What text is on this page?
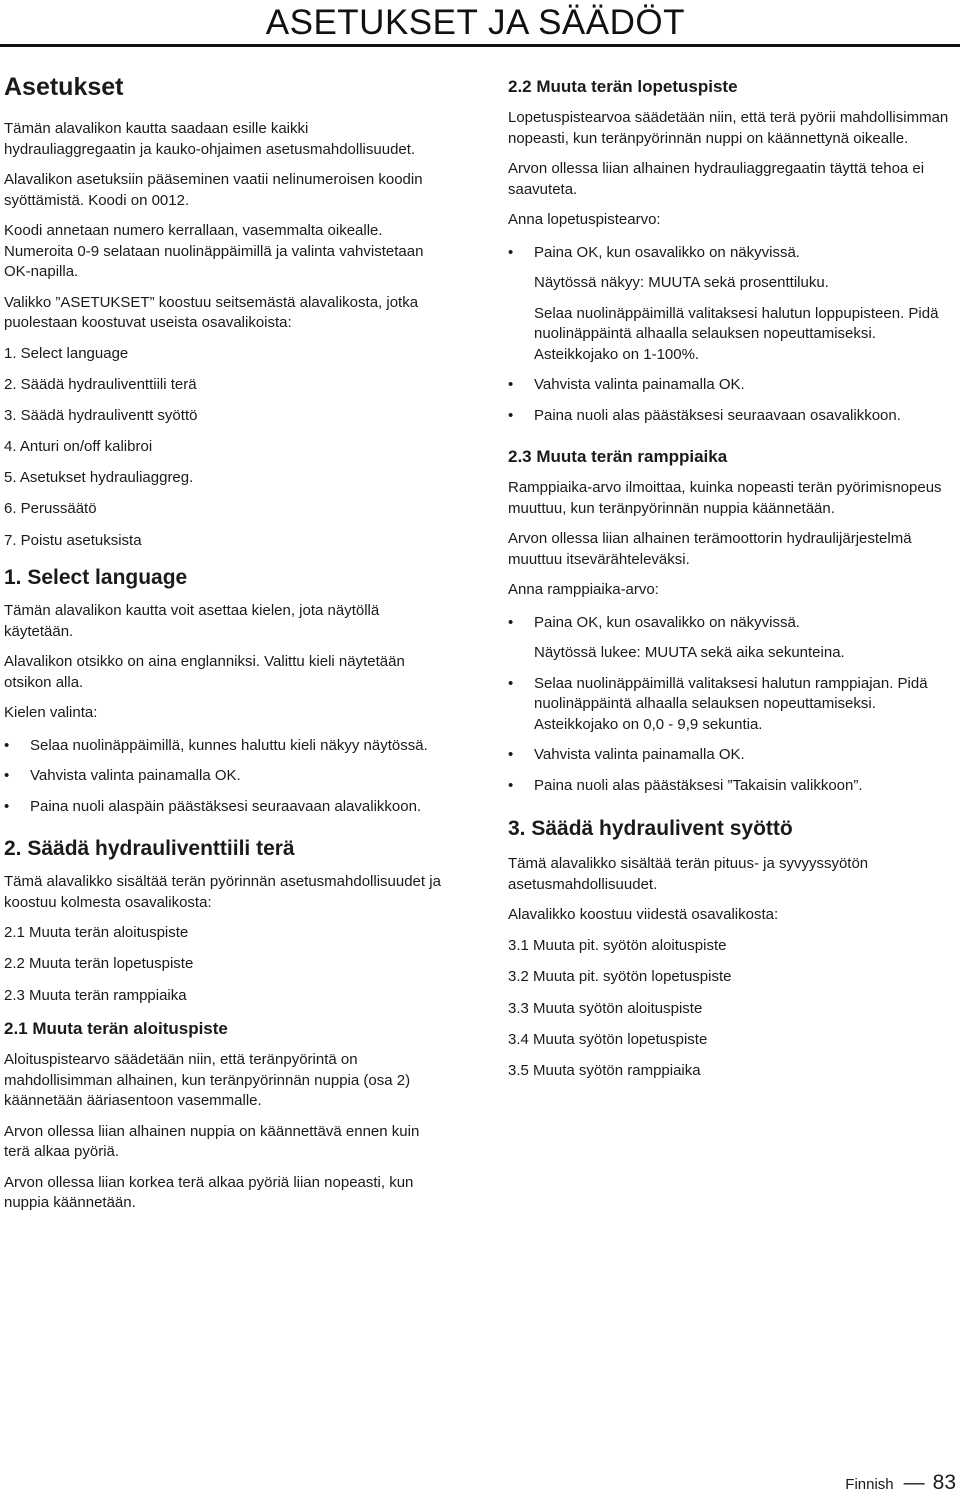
ASETUKSET JA SÄÄDÖT
Asetukset

Tämän alavalikon kautta saadaan esille kaikki hydrauliaggregaatin ja kauko-ohjaimen asetusmahdollisuudet.

Alavalikon asetuksiin pääseminen vaatii nelinumeroisen koodin syöttämistä. Koodi on 0012.

Koodi annetaan numero kerrallaan, vasemmalta oikealle. Numeroita 0-9 selataan nuolinäppäimillä ja valinta vahvistetaan OK-napilla.

Valikko ”ASETUKSET” koostuu seitsemästä alavalikosta, jotka puolestaan koostuvat useista osavalikoista:

1. Select language

2. Säädä hydrauliventtiili terä

3. Säädä hydrauliventt syöttö

4. Anturi on/off kalibroi

5. Asetukset hydrauliaggreg.

6. Perussäätö

7. Poistu asetuksista

1. Select language

Tämän alavalikon kautta voit asettaa kielen, jota näytöllä käytetään.

Alavalikon otsikko on aina englanniksi. Valittu kieli näytetään otsikon alla.

Kielen valinta:

• Selaa nuolinäppäimillä, kunnes haluttu kieli näkyy näytössä.

• Vahvista valinta painamalla OK.

• Paina nuoli alaspäin päästäksesi seuraavaan alavalikkoon.

2. Säädä hydrauliventtiili terä

Tämä alavalikko sisältää terän pyörinnän asetusmahdollisuudet ja koostuu kolmesta osavalikosta:

2.1 Muuta terän aloituspiste

2.2 Muuta terän lopetuspiste

2.3 Muuta terän ramppiaika

2.1 Muuta terän aloituspiste

Aloituspistearvo säädetään niin, että teränpyörintä on mahdollisimman alhainen, kun teränpyörinnän nuppia (osa 2) käännetään ääriasentoon vasemmalle.

Arvon ollessa liian alhainen nuppia on käännettävä ennen kuin terä alkaa pyöriä.

Arvon ollessa liian korkea terä alkaa pyöriä liian nopeasti, kun nuppia käännetään.

2.2 Muuta terän lopetuspiste

Lopetuspistearvoa säädetään niin, että terä pyörii mahdollisimman nopeasti, kun teränpyörinnän nuppi on käännettynä oikealle.

Arvon ollessa liian alhainen hydrauliaggregaatin täyttä tehoa ei saavuteta.

Anna lopetuspistearvo:

• Paina OK, kun osavalikko on näkyvissä.

Näytössä näkyy: MUUTA sekä prosenttiluku.

Selaa nuolinäppäimillä valitaksesi halutun loppupisteen. Pidä nuolinäppäintä alhaalla selauksen nopeuttamiseksi. Asteikkojako on 1-100%.

• Vahvista valinta painamalla OK.

• Paina nuoli alas päästäksesi seuraavaan osavalikkoon.

2.3 Muuta terän ramppiaika

Ramppiaika-arvo ilmoittaa, kuinka nopeasti terän pyörimisnopeus muuttuu, kun teränpyörinnän nuppia käännetään.

Arvon ollessa liian alhainen terämoottorin hydraulijärjestelmä muuttuu itsevärähteleväksi.

Anna ramppiaika-arvo:

• Paina OK, kun osavalikko on näkyvissä.

Näytössä lukee: MUUTA sekä aika sekunteina.

• Selaa nuolinäppäimillä valitaksesi halutun ramppiajan. Pidä nuolinäppäintä alhaalla selauksen nopeuttamiseksi. Asteikkojako on 0,0 - 9,9 sekuntia.

• Vahvista valinta painamalla OK.

• Paina nuoli alas päästäksesi ”Takaisin valikkoon”.

3. Säädä hydraulivent syöttö

Tämä alavalikko sisältää terän pituus- ja syvyyssyötön asetusmahdollisuudet.

Alavalikko koostuu viidestä osavalikosta:

3.1 Muuta pit. syötön aloituspiste

3.2 Muuta pit. syötön lopetuspiste

3.3 Muuta syötön aloituspiste

3.4 Muuta syötön lopetuspiste

3.5 Muuta syötön ramppiaika

Finnish — 83
